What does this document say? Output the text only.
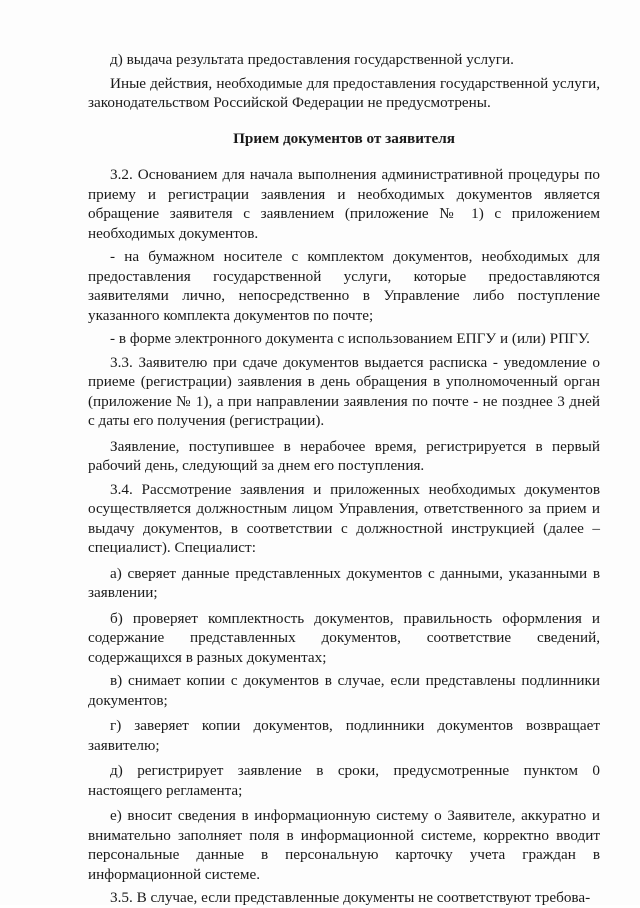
д) выдача результата предоставления государственной услуги.

Иные действия, необходимые для предоставления государственной услуги, законодательством Российской Федерации не предусмотрены.

Прием документов от заявителя

3.2. Основанием для начала выполнения административной процедуры по приему и регистрации заявления и необходимых документов является обращение заявителя с заявлением (приложение № 1) с приложением необходимых документов.

- на бумажном носителе с комплектом документов, необходимых для предоставления государственной услуги, которые предоставляются заявителями лично, непосредственно в Управление либо поступление указанного комплекта документов по почте;

- в форме электронного документа с использованием ЕПГУ и (или) РПГУ.

3.3. Заявителю при сдаче документов выдается расписка - уведомление о приеме (регистрации) заявления в день обращения в уполномоченный орган (приложение № 1), а при направлении заявления по почте - не позднее 3 дней с даты его получения (регистрации).

Заявление, поступившее в нерабочее время, регистрируется в первый рабочий день, следующий за днем его поступления.

3.4. Рассмотрение заявления и приложенных необходимых документов осуществляется должностным лицом Управления, ответственного за прием и выдачу документов, в соответствии с должностной инструкцией (далее – специалист). Специалист:

а) сверяет данные представленных документов с данными, указанными в заявлении;

б) проверяет комплектность документов, правильность оформления и содержание представленных документов, соответствие сведений, содержащихся в разных документах;

в) снимает копии с документов в случае, если представлены подлинники документов;

г) заверяет копии документов, подлинники документов возвращает заявителю;

д) регистрирует заявление в сроки, предусмотренные пунктом 0 настоящего регламента;

е) вносит сведения в информационную систему о Заявителе, аккуратно и внимательно заполняет поля в информационной системе, корректно вводит персональные данные в персональную карточку учета граждан в информационной системе.

3.5. В случае, если представленные документы не соответствуют требова-
